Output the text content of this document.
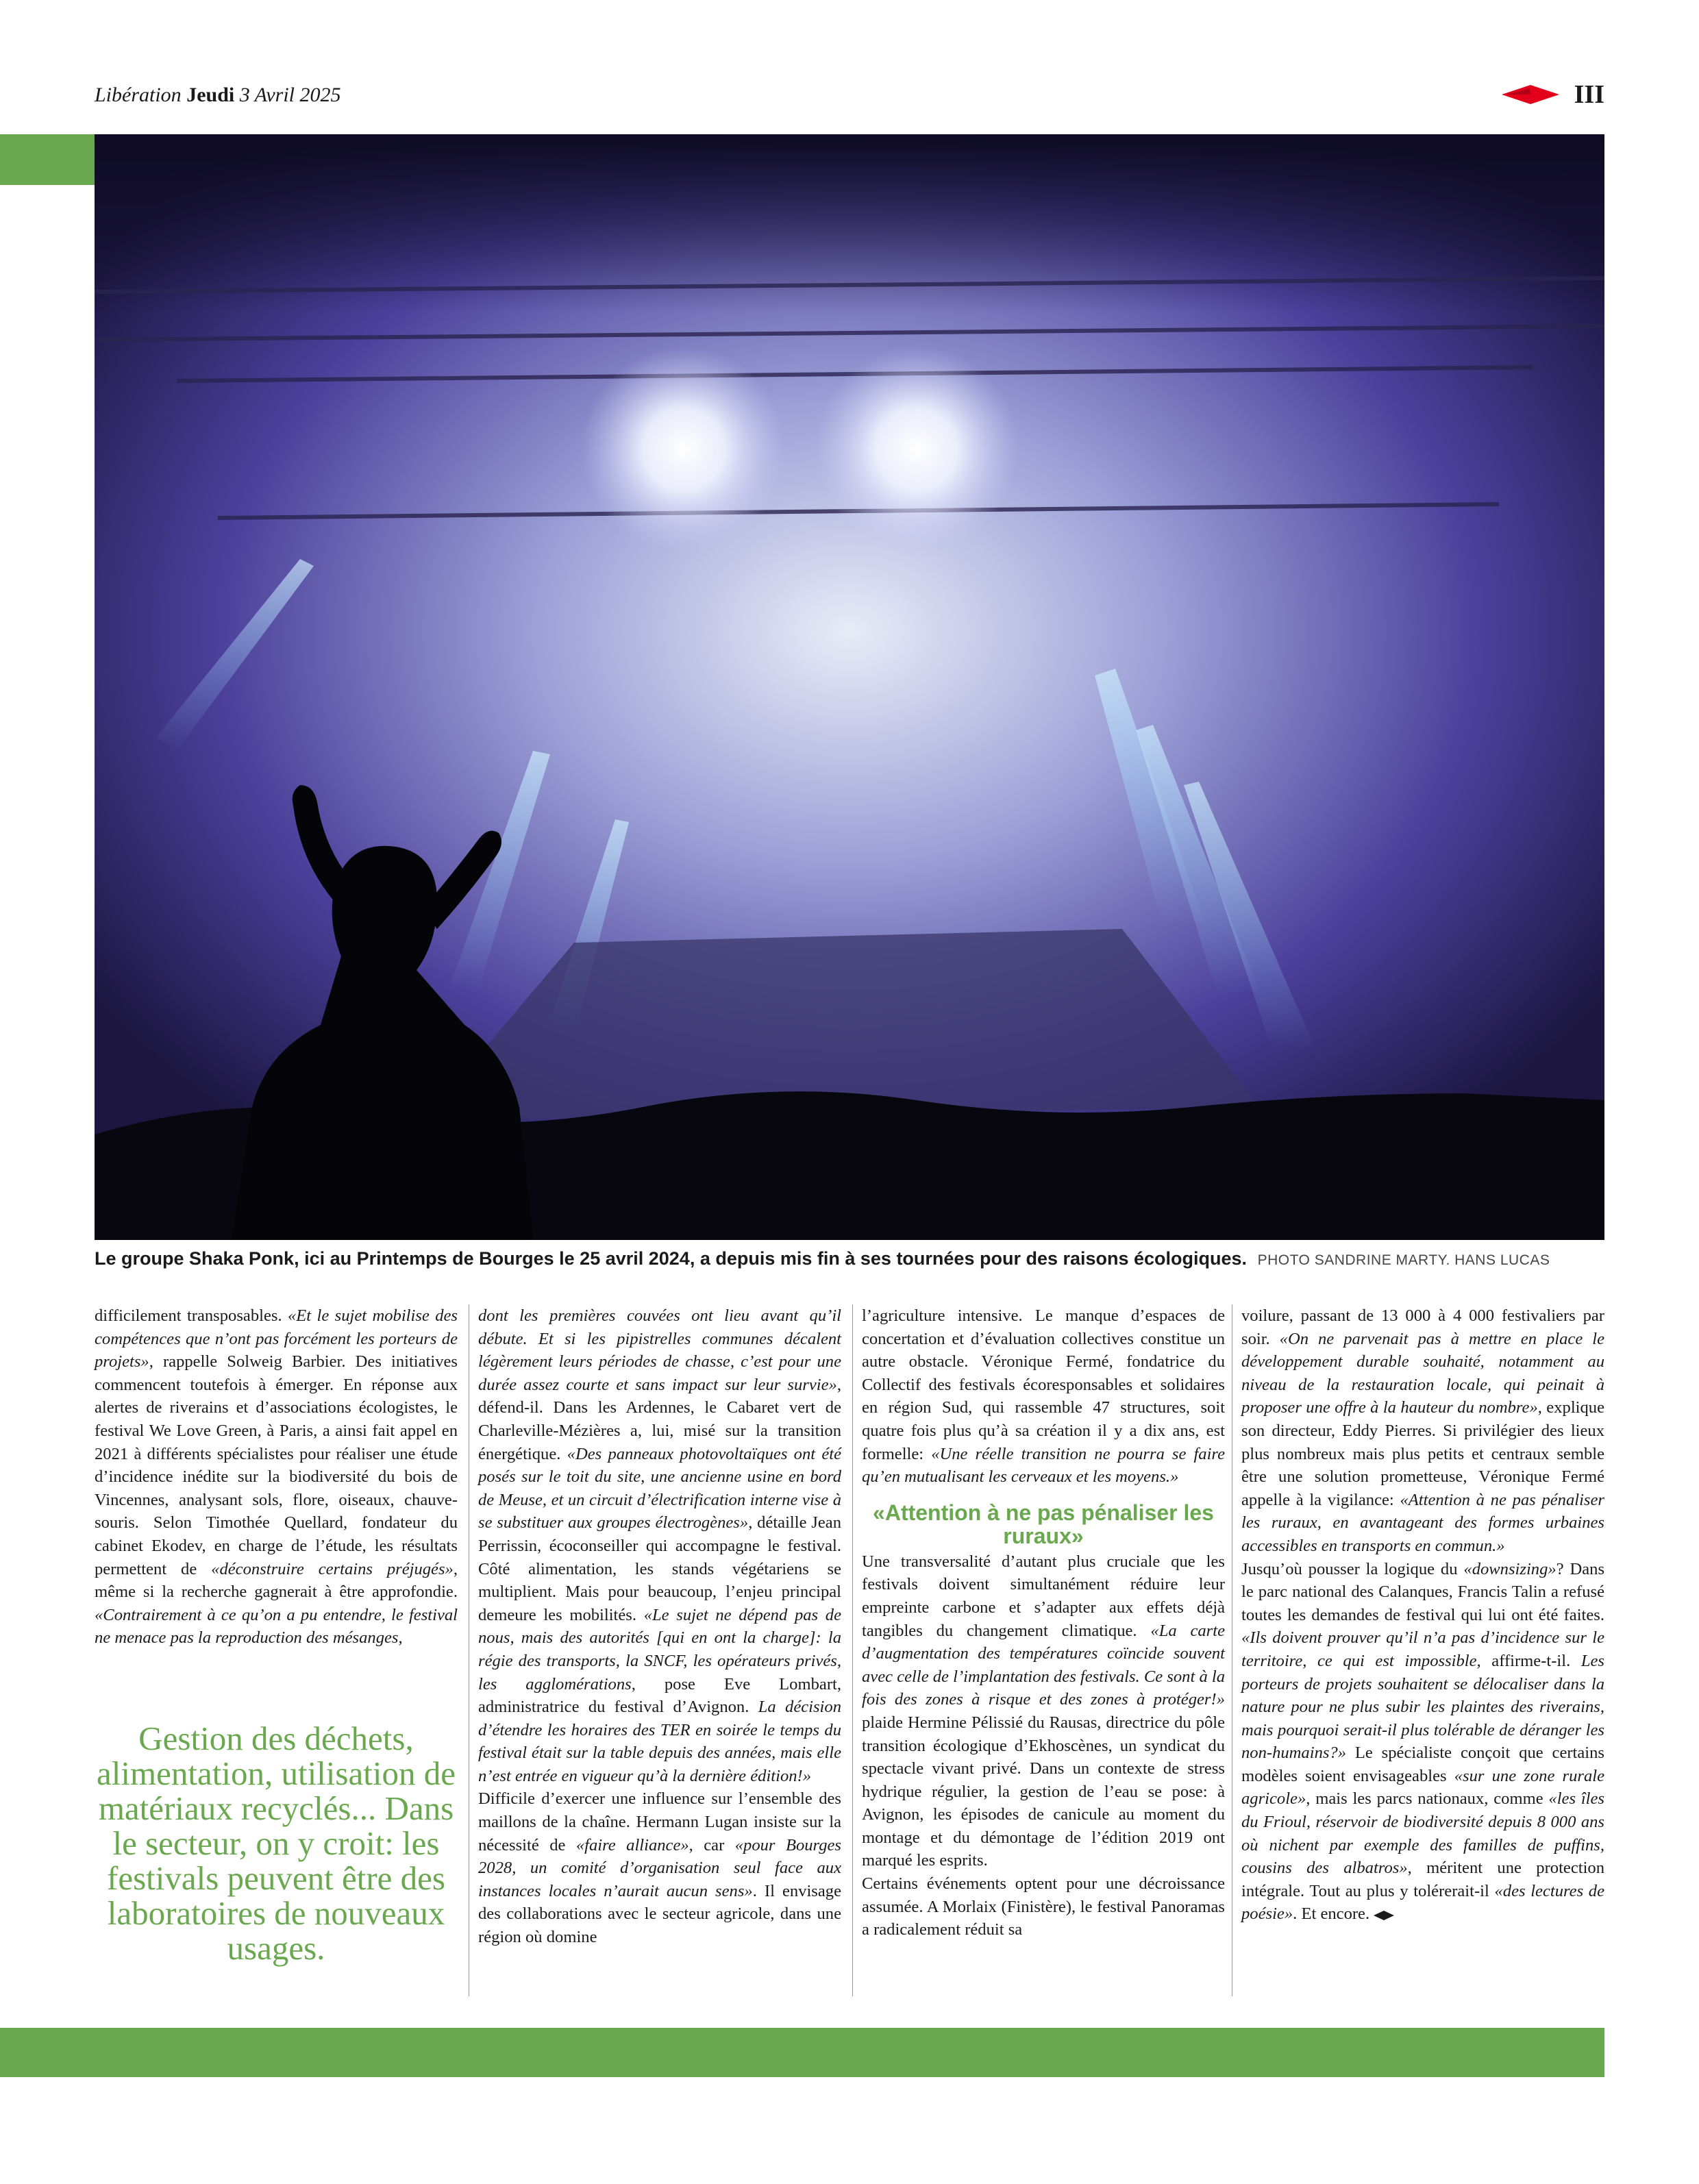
Libération Jeudi 3 Avril 2025	III
Le groupe Shaka Ponk, ici au Printemps de Bourges le 25 avril 2024, a depuis mis fin à ses tournées pour des raisons écologiques. PHOTO SANDRINE MARTY. HANS LUCAS

difficilement transposables. «Et le sujet mobilise des compétences que n’ont pas forcément les porteurs de projets», rappelle Solweig Barbier. Des initiatives commencent toutefois à émerger. En réponse aux alertes de riverains et d’associations écologistes, le festival We Love Green, à Paris, a ainsi fait appel en 2021 à différents spécialistes pour réaliser une étude d’incidence inédite sur la biodiversité du bois de Vincennes, analysant sols, flore, oiseaux, chauve-souris. Selon Timothée Quellard, fondateur du cabinet Ekodev, en charge de l’étude, les résultats permettent de «déconstruire certains préjugés», même si la recherche gagnerait à être approfondie. «Contrairement à ce qu’on a pu entendre, le festival ne menace pas la reproduction des mésanges,

Gestion des déchets, alimentation, utilisation de matériaux recyclés... Dans le secteur, on y croit: les festivals peuvent être des laboratoires de nouveaux usages.

dont les premières couvées ont lieu avant qu’il débute. Et si les pipistrelles communes décalent légèrement leurs périodes de chasse, c’est pour une durée assez courte et sans impact sur leur survie», défend-il. Dans les Ardennes, le Cabaret vert de Charleville-Mézières a, lui, misé sur la transition énergétique. «Des panneaux photovoltaïques ont été posés sur le toit du site, une ancienne usine en bord de Meuse, et un circuit d’électrification interne vise à se substituer aux groupes électrogènes», détaille Jean Perrissin, écoconseiller qui accompagne le festival. Côté alimentation, les stands végétariens se multiplient. Mais pour beaucoup, l’enjeu principal demeure les mobilités. «Le sujet ne dépend pas de nous, mais des autorités [qui en ont la charge]: la régie des transports, la SNCF, les opérateurs privés, les agglomérations, pose Eve Lombart, administratrice du festival d’Avignon. La décision d’étendre les horaires des TER en soirée le temps du festival était sur la table depuis des années, mais elle n’est entrée en vigueur qu’à la dernière édition!»

Difficile d’exercer une influence sur l’ensemble des maillons de la chaîne. Hermann Lugan insiste sur la nécessité de «faire alliance», car «pour Bourges 2028, un comité d’organisation seul face aux instances locales n’aurait aucun sens». Il envisage des collaborations avec le secteur agricole, dans une région où domine

l’agriculture intensive. Le manque d’espaces de concertation et d’évaluation collectives constitue un autre obstacle. Véronique Fermé, fondatrice du Collectif des festivals écoresponsables et solidaires en région Sud, qui rassemble 47 structures, soit quatre fois plus qu’à sa création il y a dix ans, est formelle: «Une réelle transition ne pourra se faire qu’en mutualisant les cerveaux et les moyens.»

«Attention à ne pas pénaliser les ruraux»

Une transversalité d’autant plus cruciale que les festivals doivent simultanément réduire leur empreinte carbone et s’adapter aux effets déjà tangibles du changement climatique. «La carte d’augmentation des températures coïncide souvent avec celle de l’implantation des festivals. Ce sont à la fois des zones à risque et des zones à protéger!» plaide Hermine Pélissié du Rausas, directrice du pôle transition écologique d’Ekhoscènes, un syndicat du spectacle vivant privé. Dans un contexte de stress hydrique régulier, la gestion de l’eau se pose: à Avignon, les épisodes de canicule au moment du montage et du démontage de l’édition 2019 ont marqué les esprits.

Certains événements optent pour une décroissance assumée. A Morlaix (Finistère), le festival Panoramas a radicalement réduit sa

voilure, passant de 13 000 à 4 000 festivaliers par soir. «On ne parvenait pas à mettre en place le développement durable souhaité, notamment au niveau de la restauration locale, qui peinait à proposer une offre à la hauteur du nombre», explique son directeur, Eddy Pierres. Si privilégier des lieux plus nombreux mais plus petits et centraux semble être une solution prometteuse, Véronique Fermé appelle à la vigilance: «Attention à ne pas pénaliser les ruraux, en avantageant des formes urbaines accessibles en transports en commun.»

Jusqu’où pousser la logique du «downsizing»? Dans le parc national des Calanques, Francis Talin a refusé toutes les demandes de festival qui lui ont été faites. «Ils doivent prouver qu’il n’a pas d’incidence sur le territoire, ce qui est impossible, affirme-t-il. Les porteurs de projets souhaitent se délocaliser dans la nature pour ne plus subir les plaintes des riverains, mais pourquoi serait-il plus tolérable de déranger les non-humains?» Le spécialiste conçoit que certains modèles soient envisageables «sur une zone rurale agricole», mais les parcs nationaux, comme «les îles du Frioul, réservoir de biodiversité depuis 8 000 ans où nichent par exemple des familles de puffins, cousins des albatros», méritent une protection intégrale. Tout au plus y tolérerait-il «des lectures de poésie». Et encore.
